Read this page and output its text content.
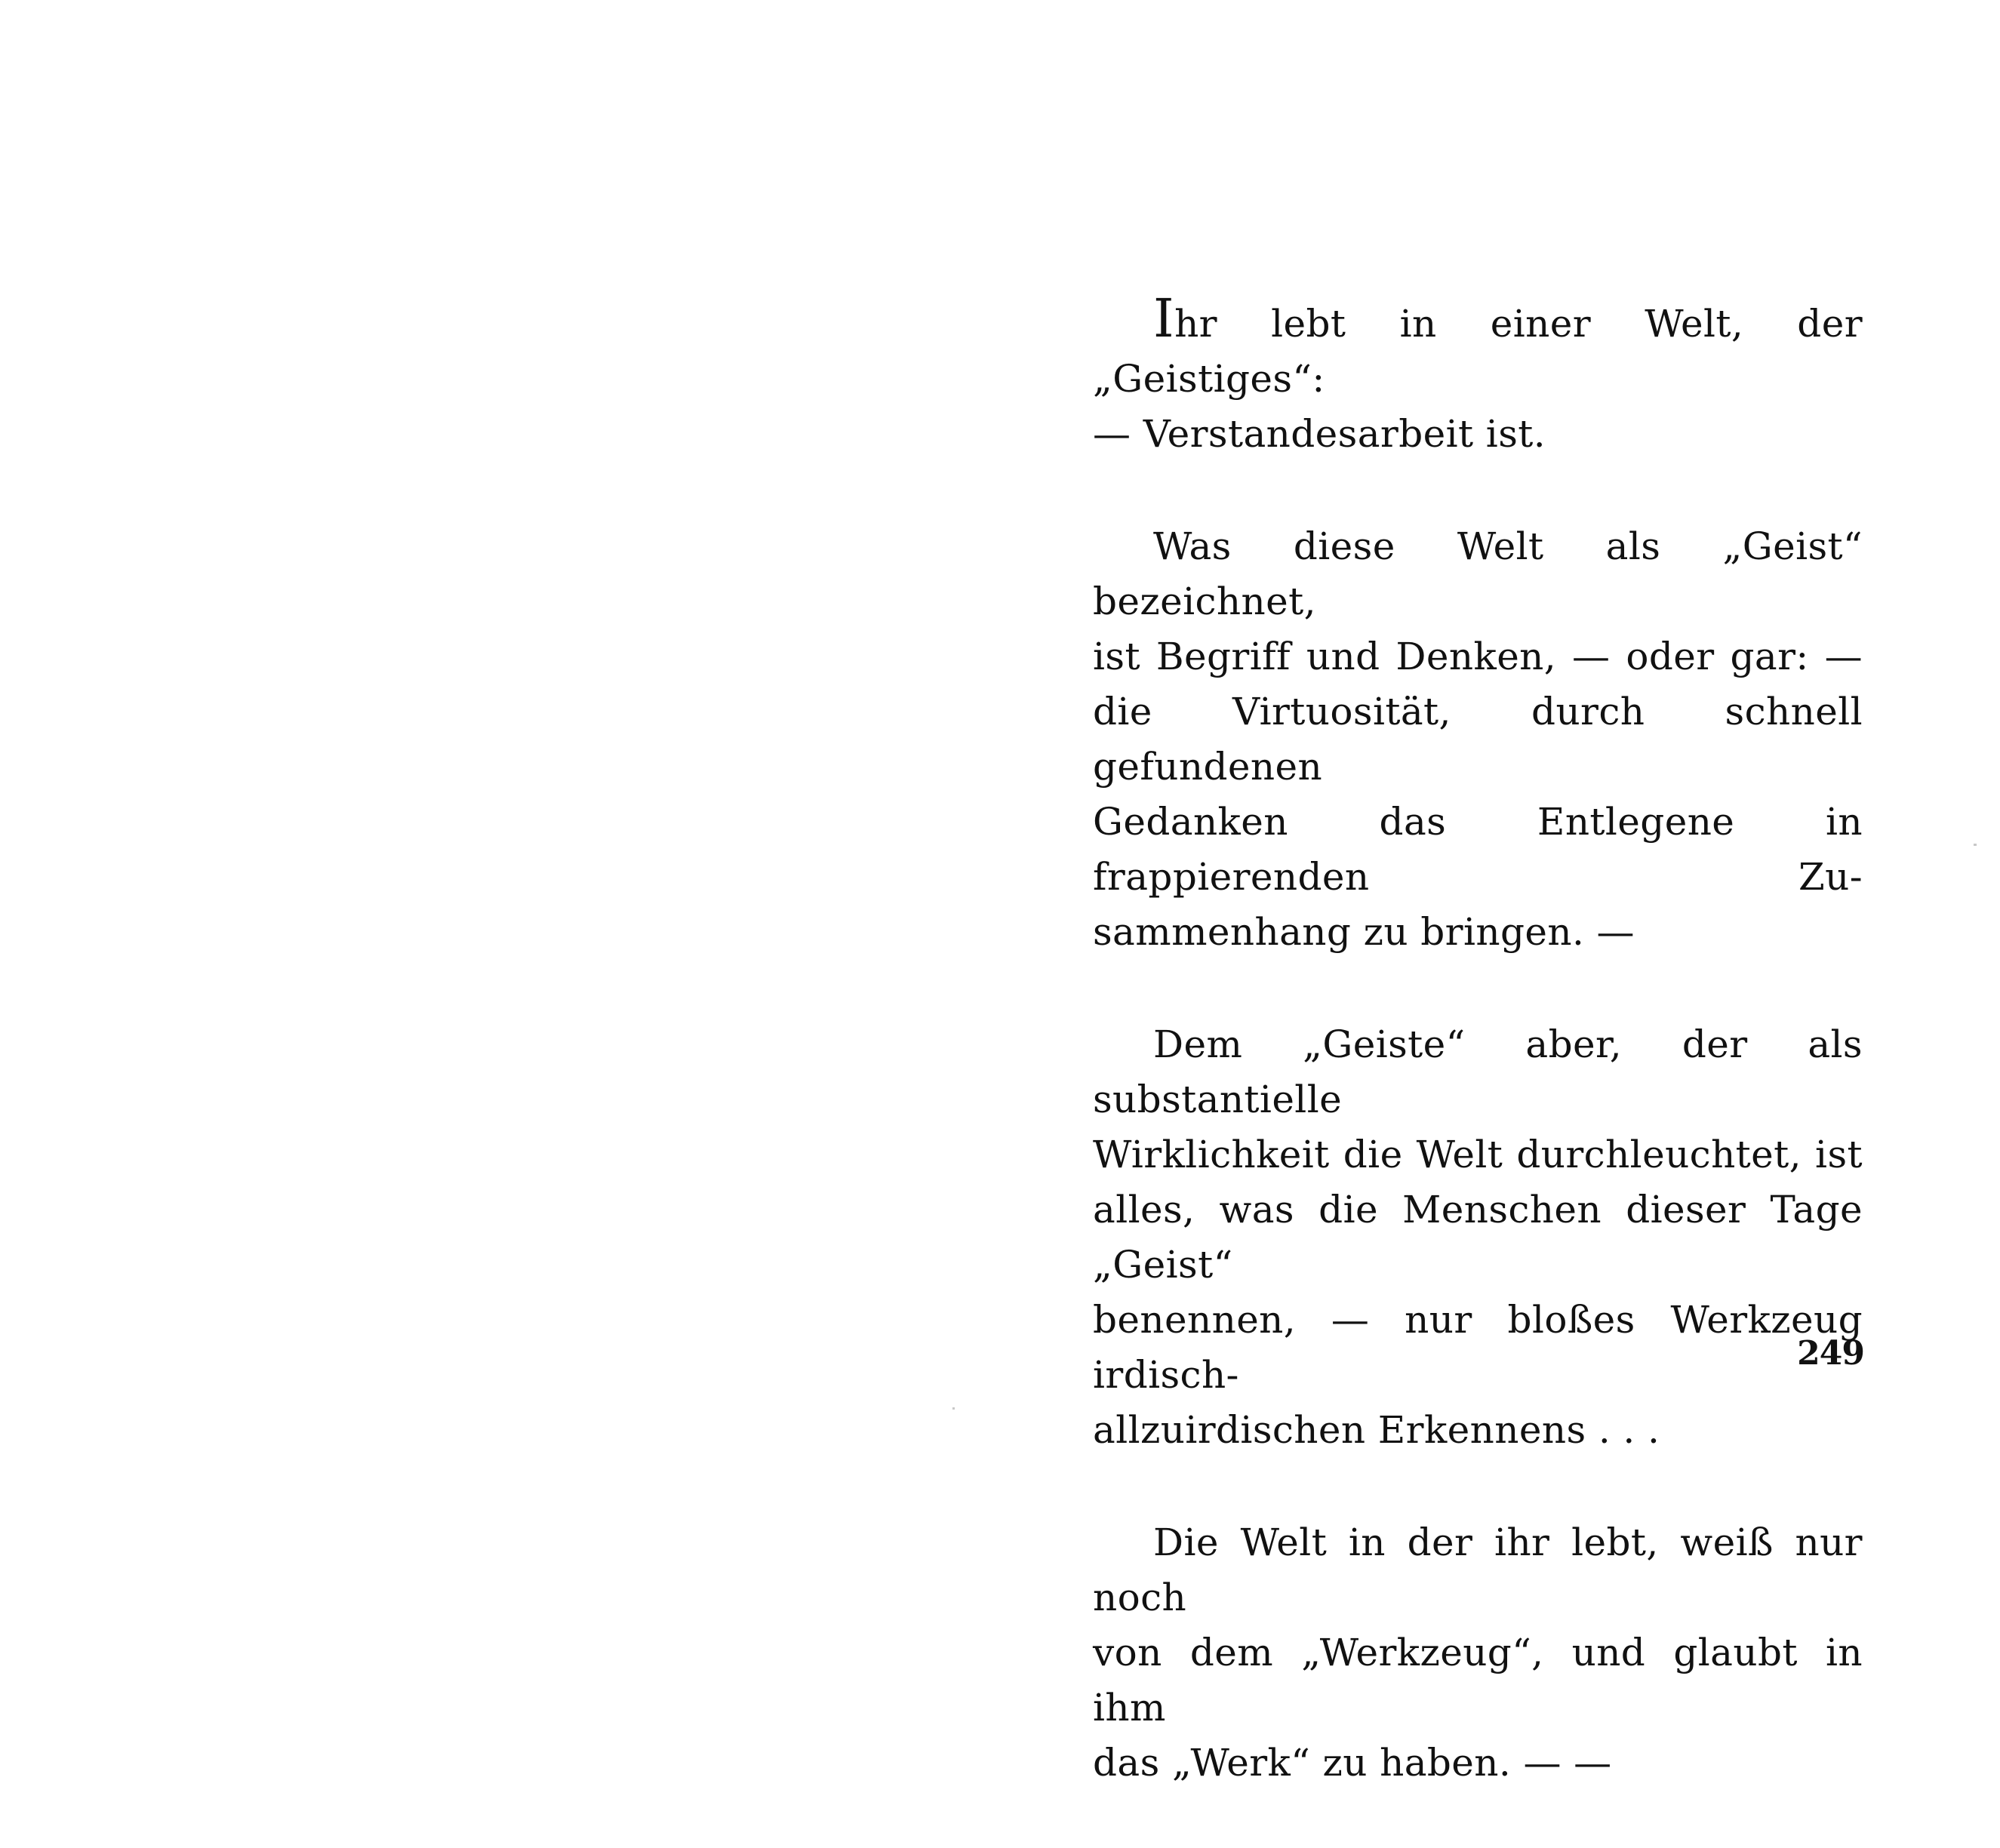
Ihr lebt in einer Welt, der „Geistiges“:
— Verstandesarbeit ist.

Was diese Welt als „Geist“ bezeichnet,
ist Begriff und Denken, — oder gar: —
die Virtuosität, durch schnell gefundenen
Gedanken das Entlegene in frappierenden Zu-
sammenhang zu bringen. —

Dem „Geiste“ aber, der als substantielle
Wirklichkeit die Welt durchleuchtet, ist
alles, was die Menschen dieser Tage „Geist“
benennen, — nur bloßes Werkzeug irdisch-
allzuirdischen Erkennens . . .

Die Welt in der ihr lebt, weiß nur noch
von dem „Werkzeug“, und glaubt in ihm
das „Werk“ zu haben. — —

249
